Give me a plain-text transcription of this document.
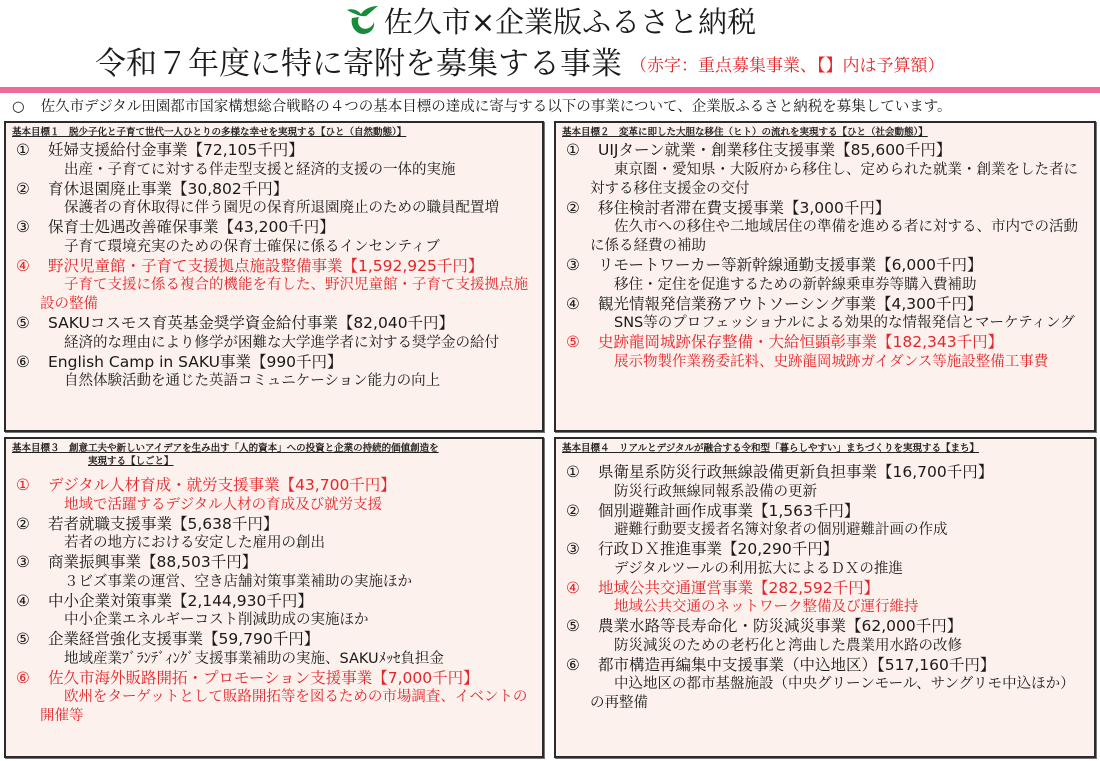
佐久市×企業版ふるさと納税
令和７年度に特に寄附を募集する事業 （赤字：重点募集事業、【】内は予算額）
○ 佐久市デジタル田園都市国家構想総合戦略の４つの基本目標の達成に寄与する以下の事業について、企業版ふるさと納税を募集しています。
基本目標１　脱少子化と子育て世代一人ひとりの多様な幸せを実現する【ひと（自然動態）】
① 妊婦支援給付金事業【72,105千円】
出産・子育てに対する伴走型支援と経済的支援の一体的実施
② 育休退園廃止事業【30,802千円】
保護者の育休取得に伴う園児の保育所退園廃止のための職員配置増
③ 保育士処遇改善確保事業【43,200千円】
子育て環境充実のための保育士確保に係るインセンティブ
④ 野沢児童館・子育て支援拠点施設整備事業【1,592,925千円】
子育て支援に係る複合的機能を有した、野沢児童館・子育て支援拠点施設の整備
⑤ SAKUコスモス育英基金奨学資金給付事業【82,040千円】
経済的な理由により修学が困難な大学進学者に対する奨学金の給付
⑥ English Camp in SAKU事業【990千円】
自然体験活動を通じた英語コミュニケーション能力の向上
基本目標２　変革に即した大胆な移住（ヒト）の流れを実現する【ひと（社会動態）】
① UIJターン就業・創業移住支援事業【85,600千円】
東京圏・愛知県・大阪府から移住し、定められた就業・創業をした者に対する移住支援金の交付
② 移住検討者滞在費支援事業【3,000千円】
佐久市への移住や二地域居住の準備を進める者に対する、市内での活動に係る経費の補助
③ リモートワーカー等新幹線通勤支援事業【6,000千円】
移住・定住を促進するための新幹線乗車券等購入費補助
④ 観光情報発信業務アウトソーシング事業【4,300千円】
SNS等のプロフェッショナルによる効果的な情報発信とマーケティング
⑤ 史跡龍岡城跡保存整備・大給恒顕彰事業【182,343千円】
展示物製作業務委託料、史跡龍岡城跡ガイダンス等施設整備工事費
基本目標３　創意工夫や新しいアイデアを生み出す「人的資本」への投資と企業の持続的価値創造を
実現する【しごと】
① デジタル人材育成・就労支援事業【43,700千円】
地域で活躍するデジタル人材の育成及び就労支援
② 若者就職支援事業【5,638千円】
若者の地方における安定した雇用の創出
③ 商業振興事業【88,503千円】
３ビズ事業の運営、空き店舗対策事業補助の実施ほか
④ 中小企業対策事業【2,144,930千円】
中小企業エネルギーコスト削減助成の実施ほか
⑤ 企業経営強化支援事業【59,790千円】
地域産業ﾌﾞﾗﾝﾃﾞｨﾝｸﾞ支援事業補助の実施、SAKUﾒｯｾ負担金
⑥ 佐久市海外販路開拓・プロモーション支援事業【7,000千円】
欧州をターゲットとして販路開拓等を図るための市場調査、イベントの開催等
基本目標４　リアルとデジタルが融合する令和型「暮らしやすい」まちづくりを実現する【まち】
① 県衛星系防災行政無線設備更新負担事業【16,700千円】
防災行政無線同報系設備の更新
② 個別避難計画作成事業【1,563千円】
避難行動要支援者名簿対象者の個別避難計画の作成
③ 行政ＤＸ推進事業【20,290千円】
デジタルツールの利用拡大によるＤＸの推進
④ 地域公共交通運営事業【282,592千円】
地域公共交通のネットワーク整備及び運行維持
⑤ 農業水路等長寿命化・防災減災事業【62,000千円】
防災減災のための老朽化と湾曲した農業用水路の改修
⑥ 都市構造再編集中支援事業（中込地区）【517,160千円】
中込地区の都市基盤施設（中央グリーンモール、サングリモ中込ほか）の再整備
